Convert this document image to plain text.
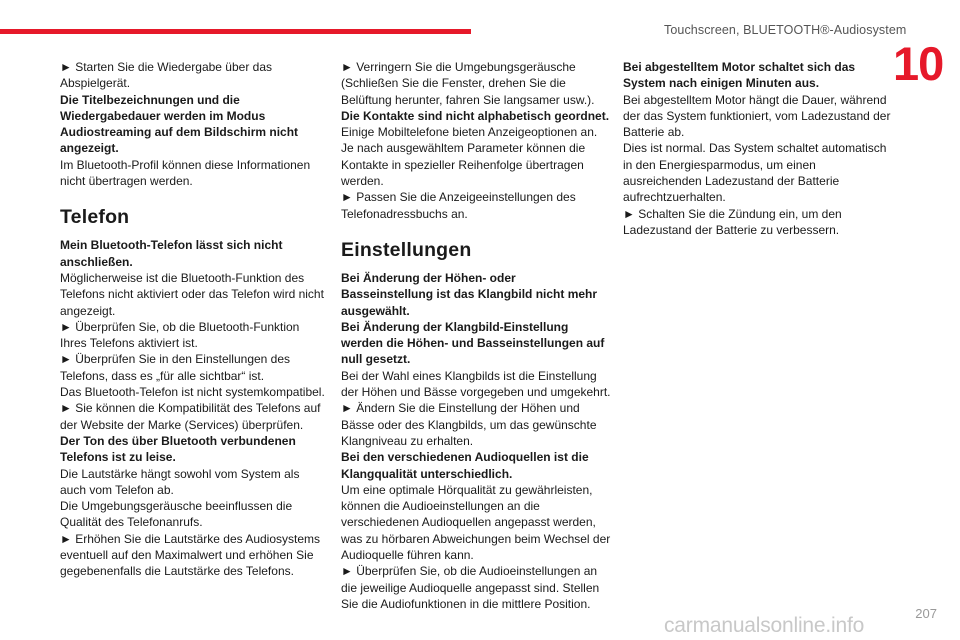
Touchscreen, BLUETOOTH®-Audiosystem
10

► Starten Sie die Wiedergabe über das Abspielgerät.

Die Titelbezeichnungen und die Wiedergabedauer werden im Modus Audiostreaming auf dem Bildschirm nicht angezeigt.

Im Bluetooth-Profil können diese Informationen nicht übertragen werden.

Telefon

Mein Bluetooth-Telefon lässt sich nicht anschließen.

Möglicherweise ist die Bluetooth-Funktion des Telefons nicht aktiviert oder das Telefon wird nicht angezeigt.

► Überprüfen Sie, ob die Bluetooth-Funktion Ihres Telefons aktiviert ist.

► Überprüfen Sie in den Einstellungen des Telefons, dass es „für alle sichtbar“ ist.

Das Bluetooth-Telefon ist nicht systemkompatibel.

► Sie können die Kompatibilität des Telefons auf der Website der Marke (Services) überprüfen.

Der Ton des über Bluetooth verbundenen Telefons ist zu leise.

Die Lautstärke hängt sowohl vom System als auch vom Telefon ab.

Die Umgebungsgeräusche beeinflussen die Qualität des Telefonanrufs.

► Erhöhen Sie die Lautstärke des Audiosystems eventuell auf den Maximalwert und erhöhen Sie gegebenenfalls die Lautstärke des Telefons.

► Verringern Sie die Umgebungsgeräusche (Schließen Sie die Fenster, drehen Sie die Belüftung herunter, fahren Sie langsamer usw.).

Die Kontakte sind nicht alphabetisch geordnet.

Einige Mobiltelefone bieten Anzeigeoptionen an. Je nach ausgewähltem Parameter können die Kontakte in spezieller Reihenfolge übertragen werden.

► Passen Sie die Anzeigeeinstellungen des Telefonadressbuchs an.

Einstellungen

Bei Änderung der Höhen- oder Basseinstellung ist das Klangbild nicht mehr ausgewählt.

Bei Änderung der Klangbild-Einstellung werden die Höhen- und Basseinstellungen auf null gesetzt.

Bei der Wahl eines Klangbilds ist die Einstellung der Höhen und Bässe vorgegeben und umgekehrt.

► Ändern Sie die Einstellung der Höhen und Bässe oder des Klangbilds, um das gewünschte Klangniveau zu erhalten.

Bei den verschiedenen Audioquellen ist die Klangqualität unterschiedlich.

Um eine optimale Hörqualität zu gewährleisten, können die Audioeinstellungen an die verschiedenen Audioquellen angepasst werden, was zu hörbaren Abweichungen beim Wechsel der Audioquelle führen kann.

► Überprüfen Sie, ob die Audioeinstellungen an die jeweilige Audioquelle angepasst sind. Stellen Sie die Audiofunktionen in die mittlere Position.

Bei abgestelltem Motor schaltet sich das System nach einigen Minuten aus.

Bei abgestelltem Motor hängt die Dauer, während der das System funktioniert, vom Ladezustand der Batterie ab.

Dies ist normal. Das System schaltet automatisch in den Energiesparmodus, um einen ausreichenden Ladezustand der Batterie aufrechtzuerhalten.

► Schalten Sie die Zündung ein, um den Ladezustand der Batterie zu verbessern.

207
carmanualsonline.info
